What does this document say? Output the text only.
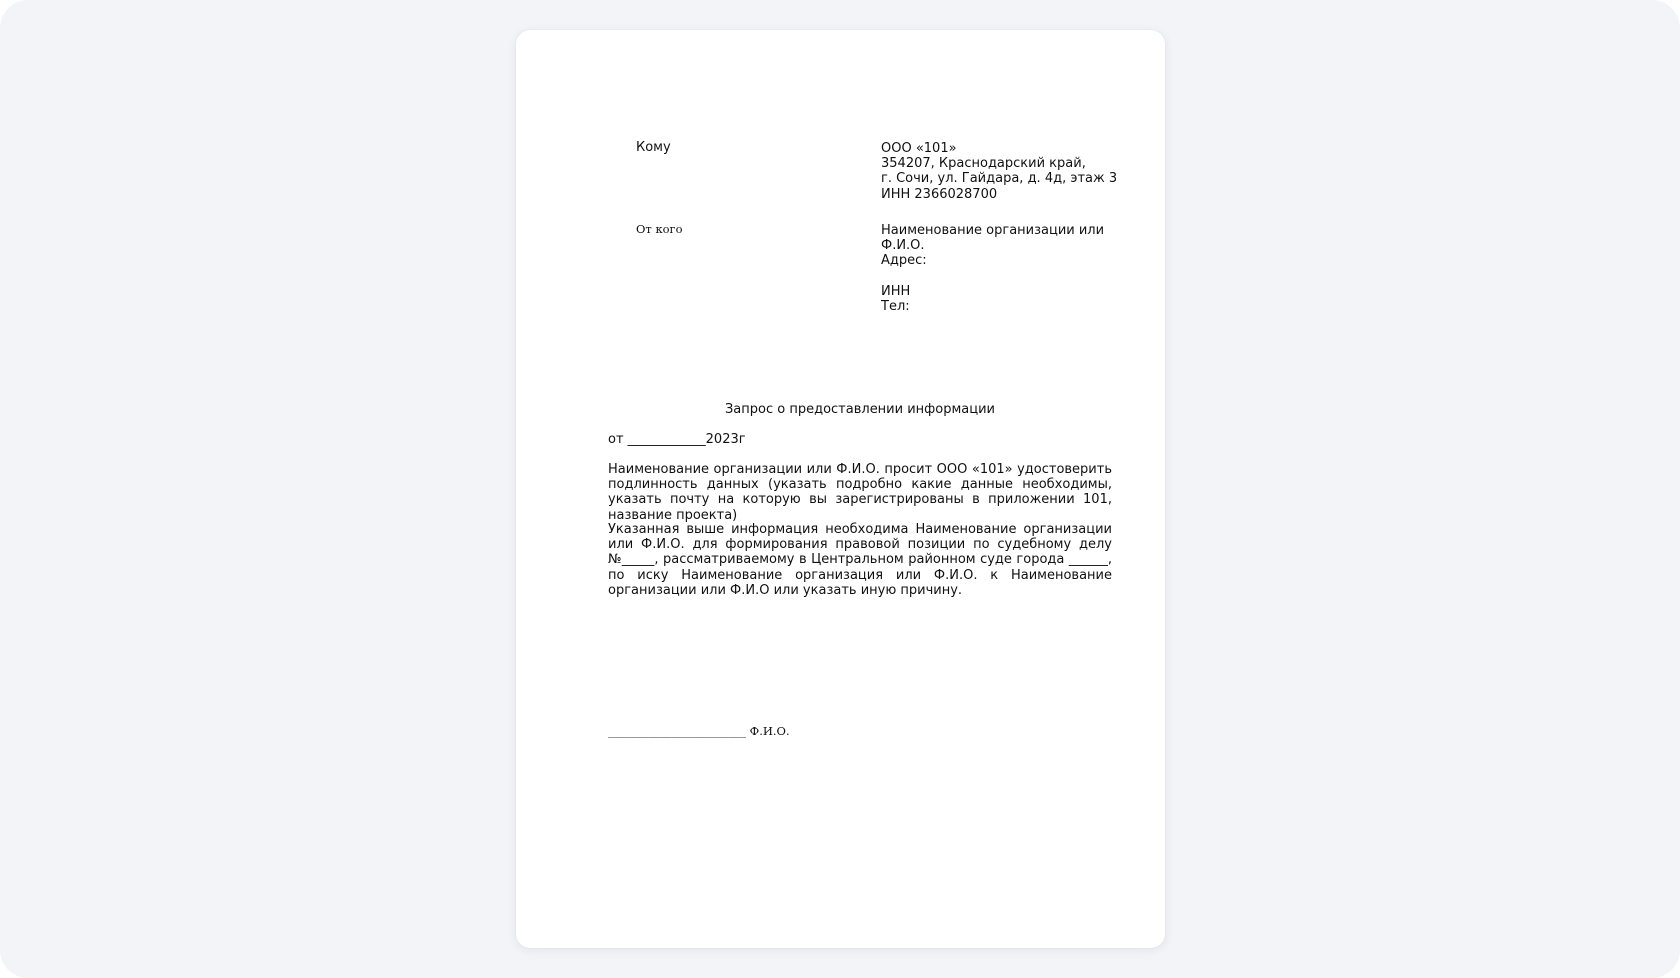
Кому	ООО «101»
354207, Краснодарский край,
г. Сочи, ул. Гайдара, д. 4д, этаж 3
ИНН 2366028700
От кого	Наименование организации или Ф.И.О.
Адрес:

ИНН
Тел:
Запрос о предоставлении информации
от ____________2023г
Наименование организации или Ф.И.О. просит ООО «101» удостоверить подлинность данных (указать подробно какие данные необходимы, указать почту на которую вы зарегистрированы в приложении 101, название проекта)
Указанная выше информация необходима Наименование организации или Ф.И.О. для формирования правовой позиции по судебному делу №_____, рассматриваемому в Центральном районном суде города ______, по иску Наименование организация или Ф.И.О. к Наименование организации или Ф.И.О или указать иную причину.
________________________ Ф.И.О.
